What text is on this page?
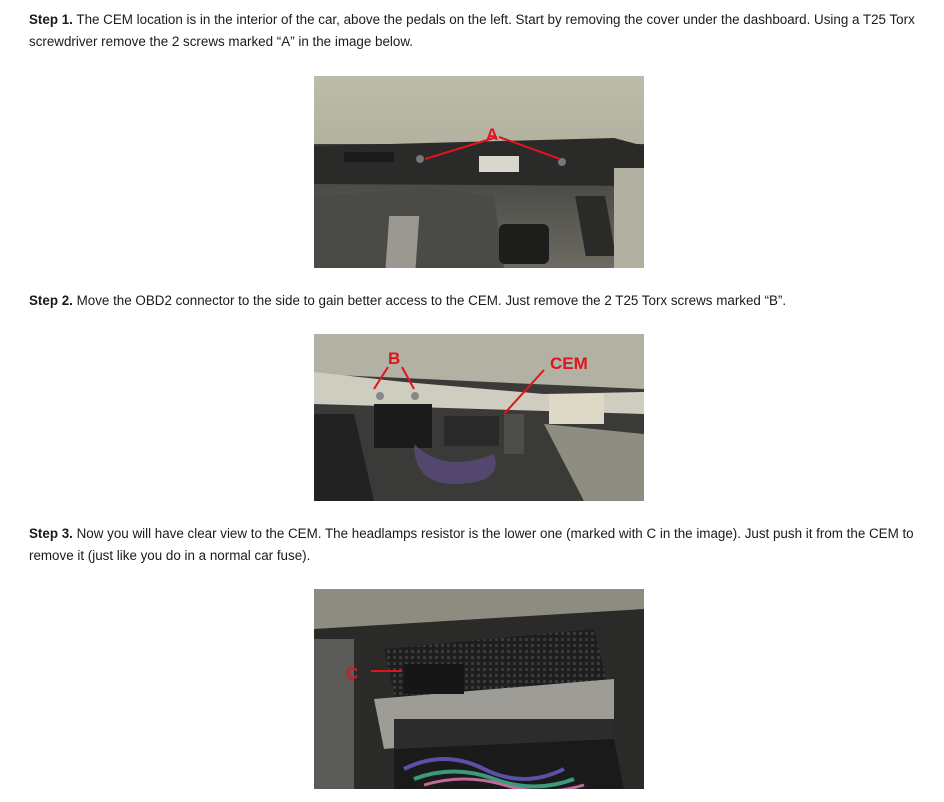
Step 1. The CEM location is in the interior of the car, above the pedals on the left. Start by removing the cover under the dashboard. Using a T25 Torx screwdriver remove the 2 screws marked “A” in the image below.
A
Step 2. Move the OBD2 connector to the side to gain better access to the CEM. Just remove the 2 T25 Torx screws marked “B”.
B	CEM
Step 3. Now you will have clear view to the CEM. The headlamps resistor is the lower one (marked with C in the image). Just push it from the CEM to remove it (just like you do in a normal car fuse).
C
